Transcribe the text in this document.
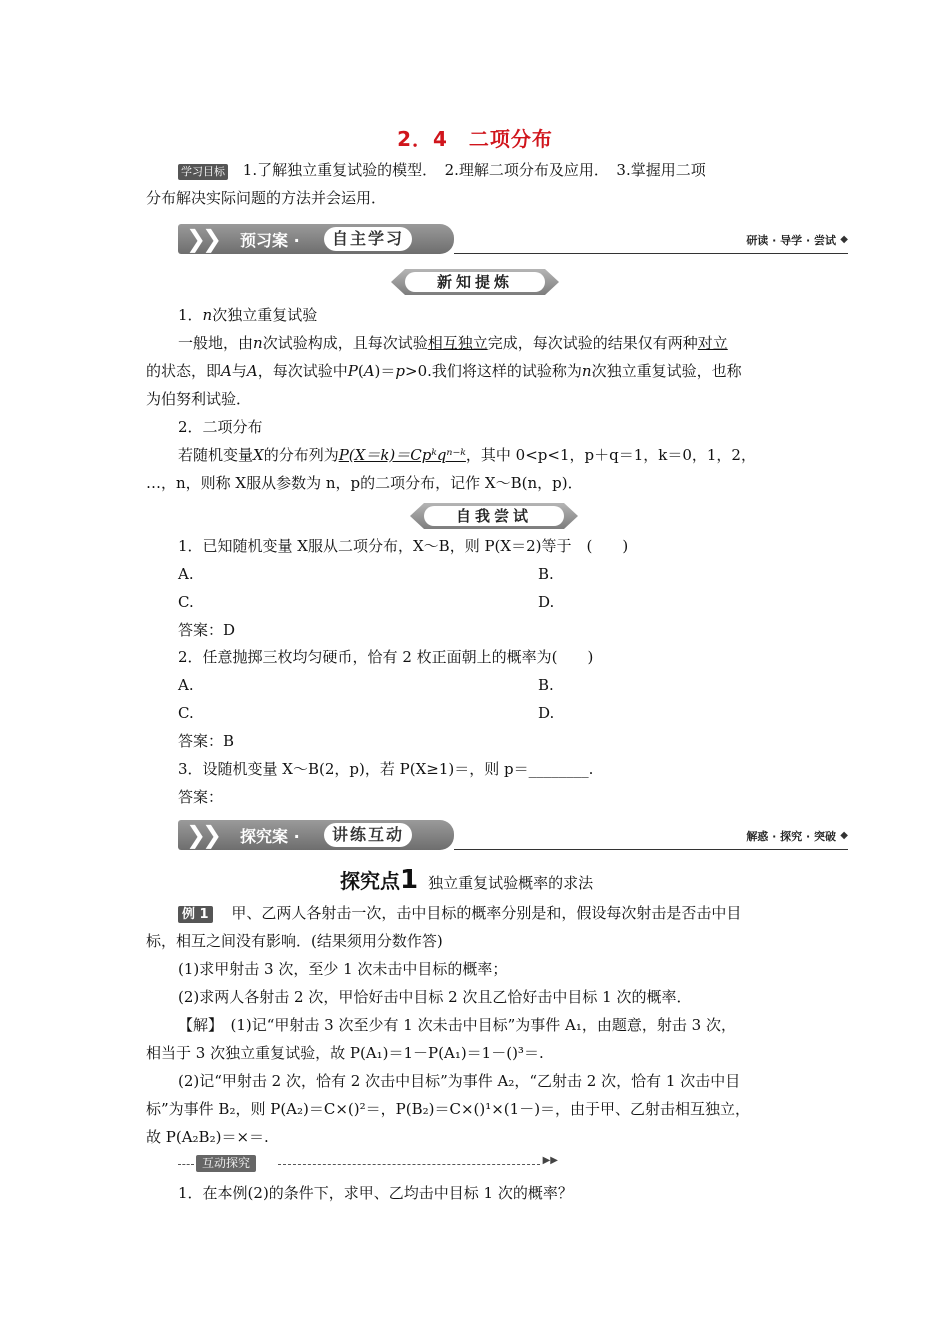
2．4　二项分布
学习目标 1.了解独立重复试验的模型．　2.理解二项分布及应用．　3.掌握用二项
分布解决实际问题的方法并会运用．
❯
❯ 预习案 ·	自主学习	研读 · 导学 · 尝试 ◆
新知提炼
1．n次独立重复试验
一般地，由n次试验构成，且每次试验相互独立完成，每次试验的结果仅有两种对立
的状态，即A与A，每次试验中P(A)＝p>0.我们将这样的试验称为n次独立重复试验，也称
为伯努利试验．
2．二项分布
若随机变量X的分布列为P(X＝k)＝Cpᵏqⁿ⁻ᵏ，其中 0<p<1，p＋q＝1，k＝0，1，2，
…，n，则称 X服从参数为 n，p的二项分布，记作 X～B(n，p)．
自我尝试
1．已知随机变量 X服从二项分布，X～B，则 P(X＝2)等于　(　　)
A.	B.
C.	D.
答案：D
2．任意抛掷三枚均匀硬币，恰有 2 枚正面朝上的概率为(　　)
A.	B.
C.	D.
答案：B
3．设随机变量 X～B(2，p)，若 P(X≥1)＝，则 p＝________.
答案：
❯
❯ 探究案 ·	讲练互动	解惑 · 探究 · 突破 ◆
探究点1 独立重复试验概率的求法
例 1 甲、乙两人各射击一次，击中目标的概率分别是和，假设每次射击是否击中目
标，相互之间没有影响．(结果须用分数作答)
(1)求甲射击 3 次，至少 1 次未击中目标的概率；
(2)求两人各射击 2 次，甲恰好击中目标 2 次且乙恰好击中目标 1 次的概率．
【解】　(1)记“甲射击 3 次至少有 1 次未击中目标”为事件 A₁，由题意，射击 3 次，
相当于 3 次独立重复试验，故 P(A₁)＝1－P(A₁)＝1－()³＝.
(2)记“甲射击 2 次，恰有 2 次击中目标”为事件 A₂，“乙射击 2 次，恰有 1 次击中目
标”为事件 B₂，则 P(A₂)＝C×()²＝，P(B₂)＝C×()¹×(1－)＝，由于甲、乙射击相互独立，
故 P(A₂B₂)＝×＝.
互动探究	▶▶
1．在本例(2)的条件下，求甲、乙均击中目标 1 次的概率？
